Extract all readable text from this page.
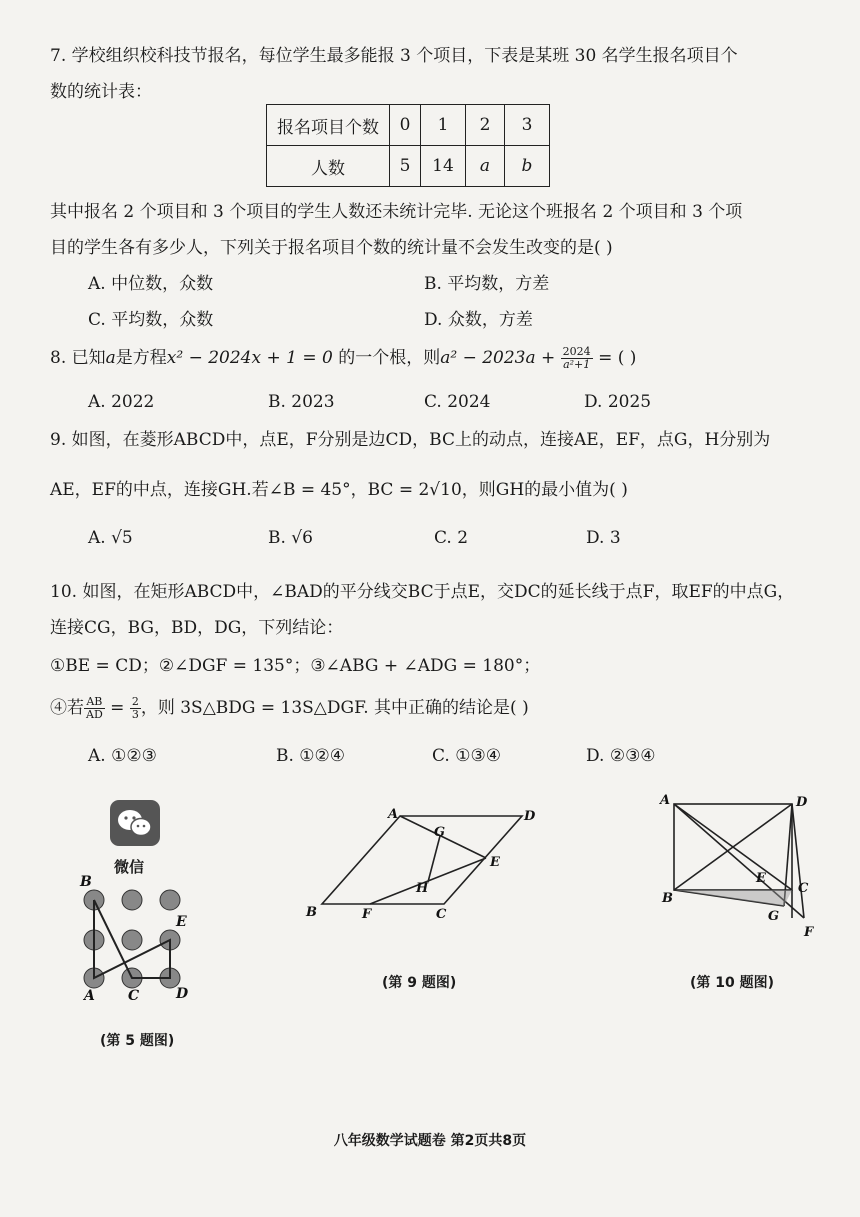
7. 学校组织校科技节报名，每位学生最多能报 3 个项目，下表是某班 30 名学生报名项目个
数的统计表：
报名项目个数	0	1	2	3
人数	5	14	a	b
其中报名 2 个项目和 3 个项目的学生人数还未统计完毕. 无论这个班报名 2 个项目和 3 个项
目的学生各有多少人，下列关于报名项目个数的统计量不会发生改变的是( )
A. 中位数，众数	B. 平均数，方差
C. 平均数，众数	D. 众数，方差
8. 已知a是方程x² − 2024x + 1 = 0 的一个根，则$a^2 - 2023a + \frac{2024}{\text{a²+1}}$ = ( )
A. 2022	B. 2023	C. 2024	D. 2025
9. 如图，在菱形ABCD中，点E，F分别是边CD，BC上的动点，连接AE，EF，点G，H分别为
AE，EF的中点，连接GH.若∠B = 45°，BC = 2√10，则GH的最小值为( )
A. √5	B. √6	C. 2	D. 3
10. 如图，在矩形ABCD中，∠BAD的平分线交BC于点E，交DC的延长线于点F，取EF的中点G，
连接CG，BG，BD，DG，下列结论：
①BE = CD；②∠DGF = 135°；③∠ABG + ∠ADG = 180°；
④若 $\frac{AB}{AD} = \frac{2}{3}$ ，则 3S△BDG = 13S△DGF. 其中正确的结论是( )
A. ①②③	B. ①②④	C. ①③④	D. ②③④
微信
B
E
A C	D
(第 5 题图)
A	D
G
E
H
B	F	C
(第 9 题图)
A	D
E
C
B
G
F
(第 10 题图)
八年级数学试题卷 第2页共8页
